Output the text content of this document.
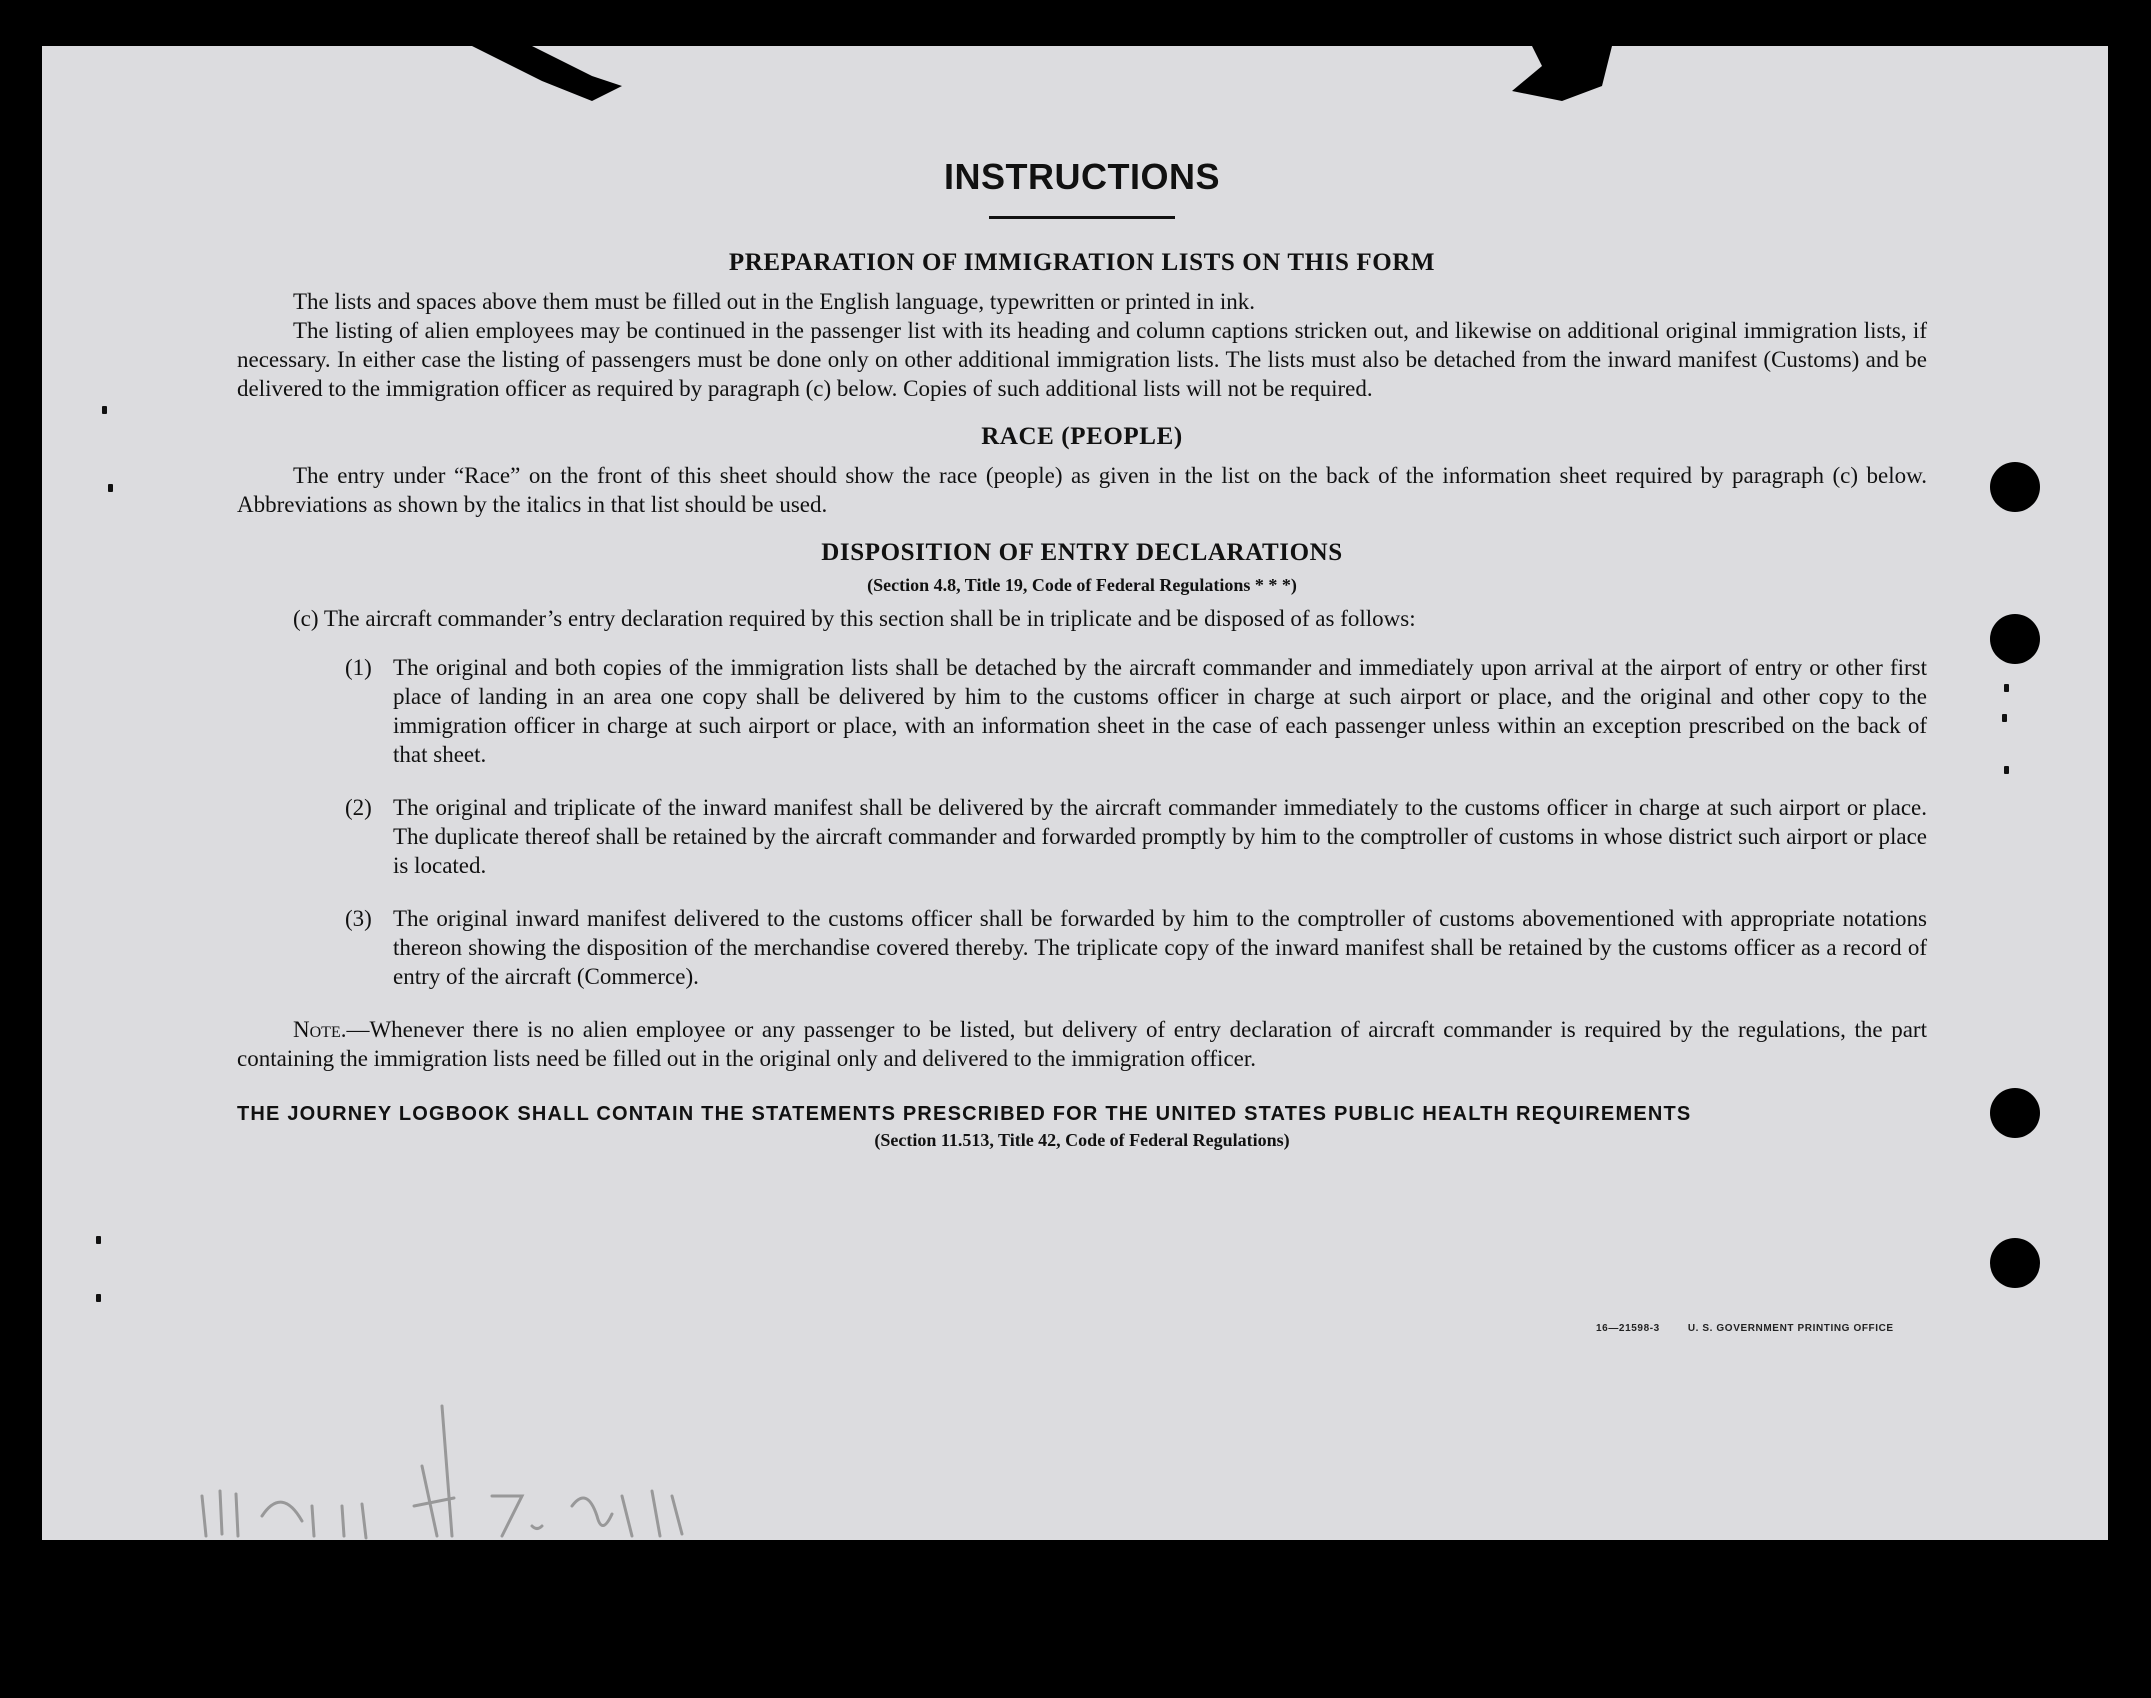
INSTRUCTIONS
PREPARATION OF IMMIGRATION LISTS ON THIS FORM

The lists and spaces above them must be filled out in the English language, typewritten or printed in ink.

The listing of alien employees may be continued in the passenger list with its heading and column captions stricken out, and likewise on additional original immigration lists, if necessary. In either case the listing of passengers must be done only on other additional immigration lists. The lists must also be detached from the inward manifest (Customs) and be delivered to the immigration officer as required by paragraph (c) below. Copies of such additional lists will not be required.

RACE (PEOPLE)

The entry under “Race” on the front of this sheet should show the race (people) as given in the list on the back of the information sheet required by paragraph (c) below. Abbreviations as shown by the italics in that list should be used.

DISPOSITION OF ENTRY DECLARATIONS
(Section 4.8, Title 19, Code of Federal Regulations * * *)

(c) The aircraft commander’s entry declaration required by this section shall be in triplicate and be disposed of as follows:

(1) The original and both copies of the immigration lists shall be detached by the aircraft commander and immediately upon arrival at the airport of entry or other first place of landing in an area one copy shall be delivered by him to the customs officer in charge at such airport or place, and the original and other copy to the immigration officer in charge at such airport or place, with an information sheet in the case of each passenger unless within an exception prescribed on the back of that sheet.
(2) The original and triplicate of the inward manifest shall be delivered by the aircraft commander immediately to the customs officer in charge at such airport or place. The duplicate thereof shall be retained by the aircraft commander and forwarded promptly by him to the comptroller of customs in whose district such airport or place is located.
(3) The original inward manifest delivered to the customs officer shall be forwarded by him to the comptroller of customs abovementioned with appropriate notations thereon showing the disposition of the merchandise covered thereby. The triplicate copy of the inward manifest shall be retained by the customs officer as a record of entry of the aircraft (Commerce).

Note.—Whenever there is no alien employee or any passenger to be listed, but delivery of entry declaration of aircraft commander is required by the regulations, the part containing the immigration lists need be filled out in the original only and delivered to the immigration officer.

THE JOURNEY LOGBOOK SHALL CONTAIN THE STATEMENTS PRESCRIBED FOR THE UNITED STATES PUBLIC HEALTH REQUIREMENTS
(Section 11.513, Title 42, Code of Federal Regulations)
16—21598-3	U. S. GOVERNMENT PRINTING OFFICE
